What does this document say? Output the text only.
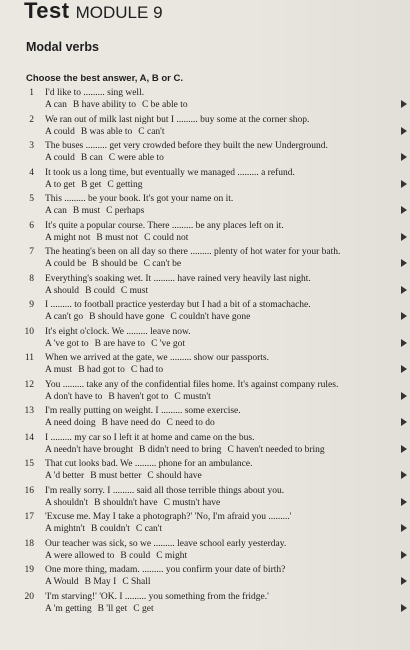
Test MODULE 9
Modal verbs
Choose the best answer, A, B or C.
1 I'd like to ......... sing well.
A can B have ability to C be able to
2 We ran out of milk last night but I ......... buy some at the corner shop.
A could B was able to C can't
3 The buses ......... get very crowded before they built the new Underground.
A could B can C were able to
4 It took us a long time, but eventually we managed ......... a refund.
A to get B get C getting
5 This ......... be your book. It's got your name on it.
A can B must C perhaps
6 It's quite a popular course. There ......... be any places left on it.
A might not B must not C could not
7 The heating's been on all day so there ......... plenty of hot water for your bath.
A could be B should be C can't be
8 Everything's soaking wet. It ......... have rained very heavily last night.
A should B could C must
9 I ......... to football practice yesterday but I had a bit of a stomachache.
A can't go B should have gone C couldn't have gone
10 It's eight o'clock. We ......... leave now.
A 've got to B are have to C 've got
11 When we arrived at the gate, we ......... show our passports.
A must B had got to C had to
12 You ......... take any of the confidential files home. It's against company rules.
A don't have to B haven't got to C mustn't
13 I'm really putting on weight. I ......... some exercise.
A need doing B have need do C need to do
14 I ......... my car so I left it at home and came on the bus.
A needn't have brought B didn't need to bring C haven't needed to bring
15 That cut looks bad. We ......... phone for an ambulance.
A 'd better B must better C should have
16 I'm really sorry. I ......... said all those terrible things about you.
A shouldn't B shouldn't have C mustn't have
17 'Excuse me. May I take a photograph?' 'No, I'm afraid you .........'
A mightn't B couldn't C can't
18 Our teacher was sick, so we ......... leave school early yesterday.
A were allowed to B could C might
19 One more thing, madam. ......... you confirm your date of birth?
A Would B May I C Shall
20 'I'm starving!' 'OK. I ......... you something from the fridge.'
A 'm getting B 'll get C get
